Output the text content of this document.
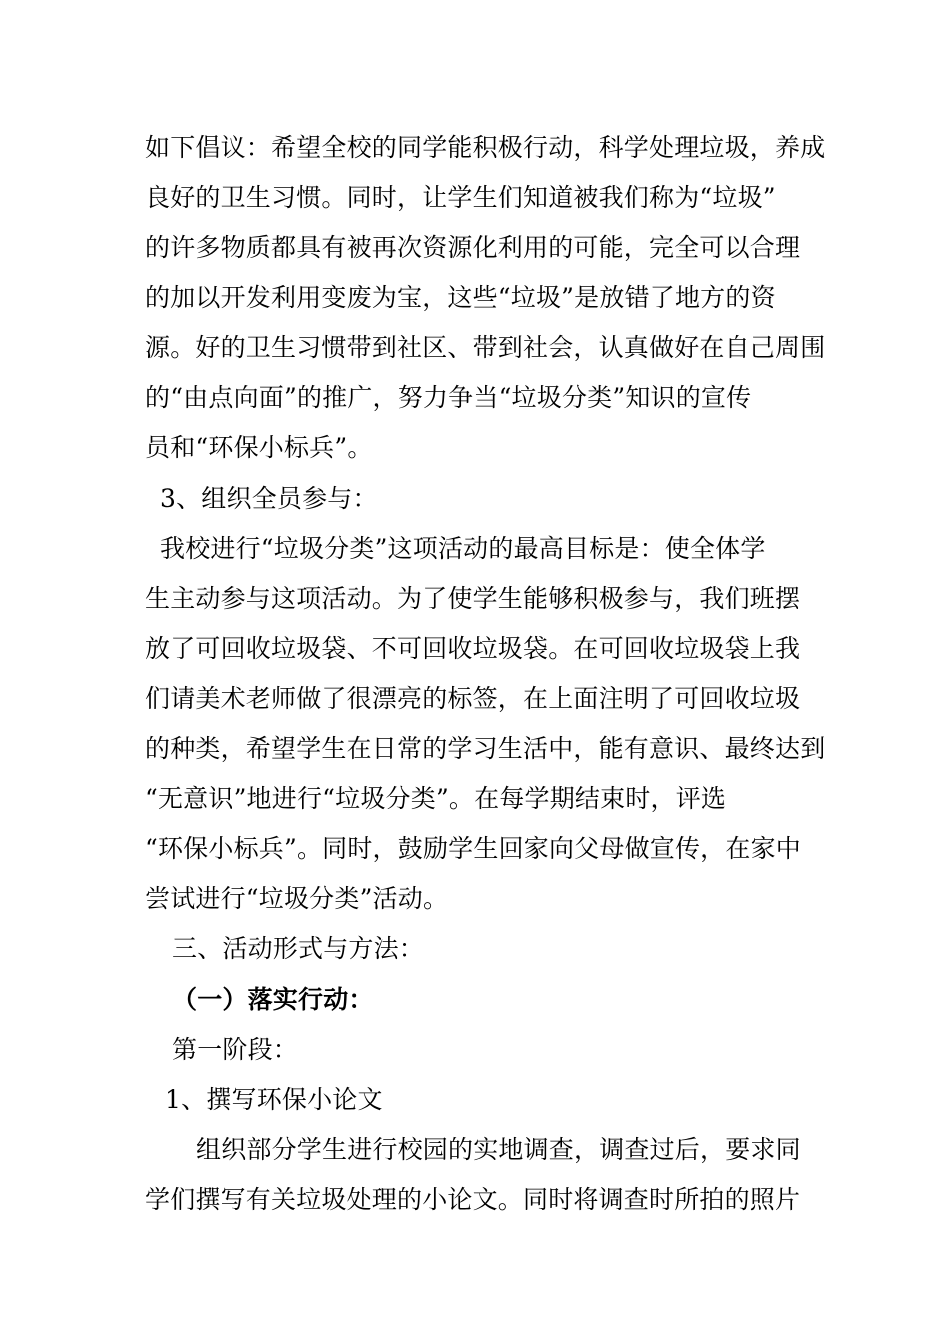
如下倡议：希望全校的同学能积极行动，科学处理垃圾，养成
良好的卫生习惯。同时，让学生们知道被我们称为“垃圾”
的许多物质都具有被再次资源化利用的可能，完全可以合理
的加以开发利用变废为宝，这些“垃圾”是放错了地方的资
源。好的卫生习惯带到社区、带到社会，认真做好在自己周围
的“由点向面”的推广，努力争当“垃圾分类”知识的宣传
员和“环保小标兵”。
3、组织全员参与：
我校进行“垃圾分类”这项活动的最高目标是：使全体学
生主动参与这项活动。为了使学生能够积极参与，我们班摆
放了可回收垃圾袋、不可回收垃圾袋。在可回收垃圾袋上我
们请美术老师做了很漂亮的标签，在上面注明了可回收垃圾
的种类，希望学生在日常的学习生活中，能有意识、最终达到
“无意识”地进行“垃圾分类”。在每学期结束时，评选
“环保小标兵”。同时，鼓励学生回家向父母做宣传，在家中
尝试进行“垃圾分类”活动。
三、活动形式与方法：
（一）落实行动：
第一阶段：
1、撰写环保小论文
组织部分学生进行校园的实地调查，调查过后，要求同
学们撰写有关垃圾处理的小论文。同时将调查时所拍的照片
